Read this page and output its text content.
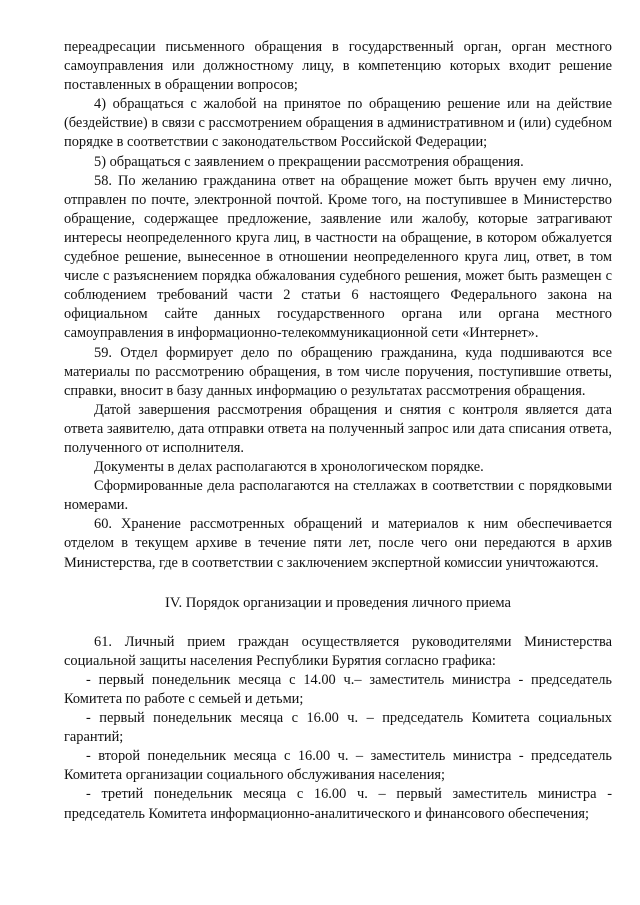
переадресации письменного обращения в государственный орган, орган местного самоуправления или должностному лицу, в компетенцию которых входит решение поставленных в обращении вопросов;

4) обращаться с жалобой на принятое по обращению решение или на действие (бездействие) в связи с рассмотрением обращения в административном и (или) судебном порядке в соответствии с законодательством Российской Федерации;

5) обращаться с заявлением о прекращении рассмотрения обращения.

58. По желанию гражданина ответ на обращение может быть вручен ему лично, отправлен по почте, электронной почтой. Кроме того, на поступившее в Министерство обращение, содержащее предложение, заявление или жалобу, которые затрагивают интересы неопределенного круга лиц, в частности на обращение, в котором обжалуется судебное решение, вынесенное в отношении неопределенного круга лиц, ответ, в том числе с разъяснением порядка обжалования судебного решения, может быть размещен с соблюдением требований части 2 статьи 6 настоящего Федерального закона на официальном сайте данных государственного органа или органа местного самоуправления в информационно-телекоммуникационной сети «Интернет».

59. Отдел формирует дело по обращению гражданина, куда подшиваются все материалы по рассмотрению обращения, в том числе поручения, поступившие ответы, справки, вносит в базу данных информацию о результатах рассмотрения обращения.

Датой завершения рассмотрения обращения и снятия с контроля является дата ответа заявителю, дата отправки ответа на полученный запрос или дата списания ответа, полученного от исполнителя.

Документы в делах располагаются в хронологическом порядке.

Сформированные дела располагаются на стеллажах в соответствии с порядковыми номерами.

60. Хранение рассмотренных обращений и материалов к ним обеспечивается отделом в текущем архиве в течение пяти лет, после чего они передаются в архив Министерства, где в соответствии с заключением экспертной комиссии уничтожаются.

IV. Порядок организации и проведения личного приема

61. Личный прием граждан осуществляется руководителями Министерства социальной защиты населения Республики Бурятия согласно графика:

- первый понедельник месяца с 14.00 ч.– заместитель министра - председатель Комитета по работе с семьей и детьми;

- первый понедельник месяца с 16.00 ч. – председатель Комитета социальных гарантий;

- второй понедельник месяца с 16.00 ч. – заместитель министра - председатель Комитета организации социального обслуживания населения;

- третий понедельник месяца с 16.00 ч. – первый заместитель министра - председатель Комитета информационно-аналитического и финансового обеспечения;
